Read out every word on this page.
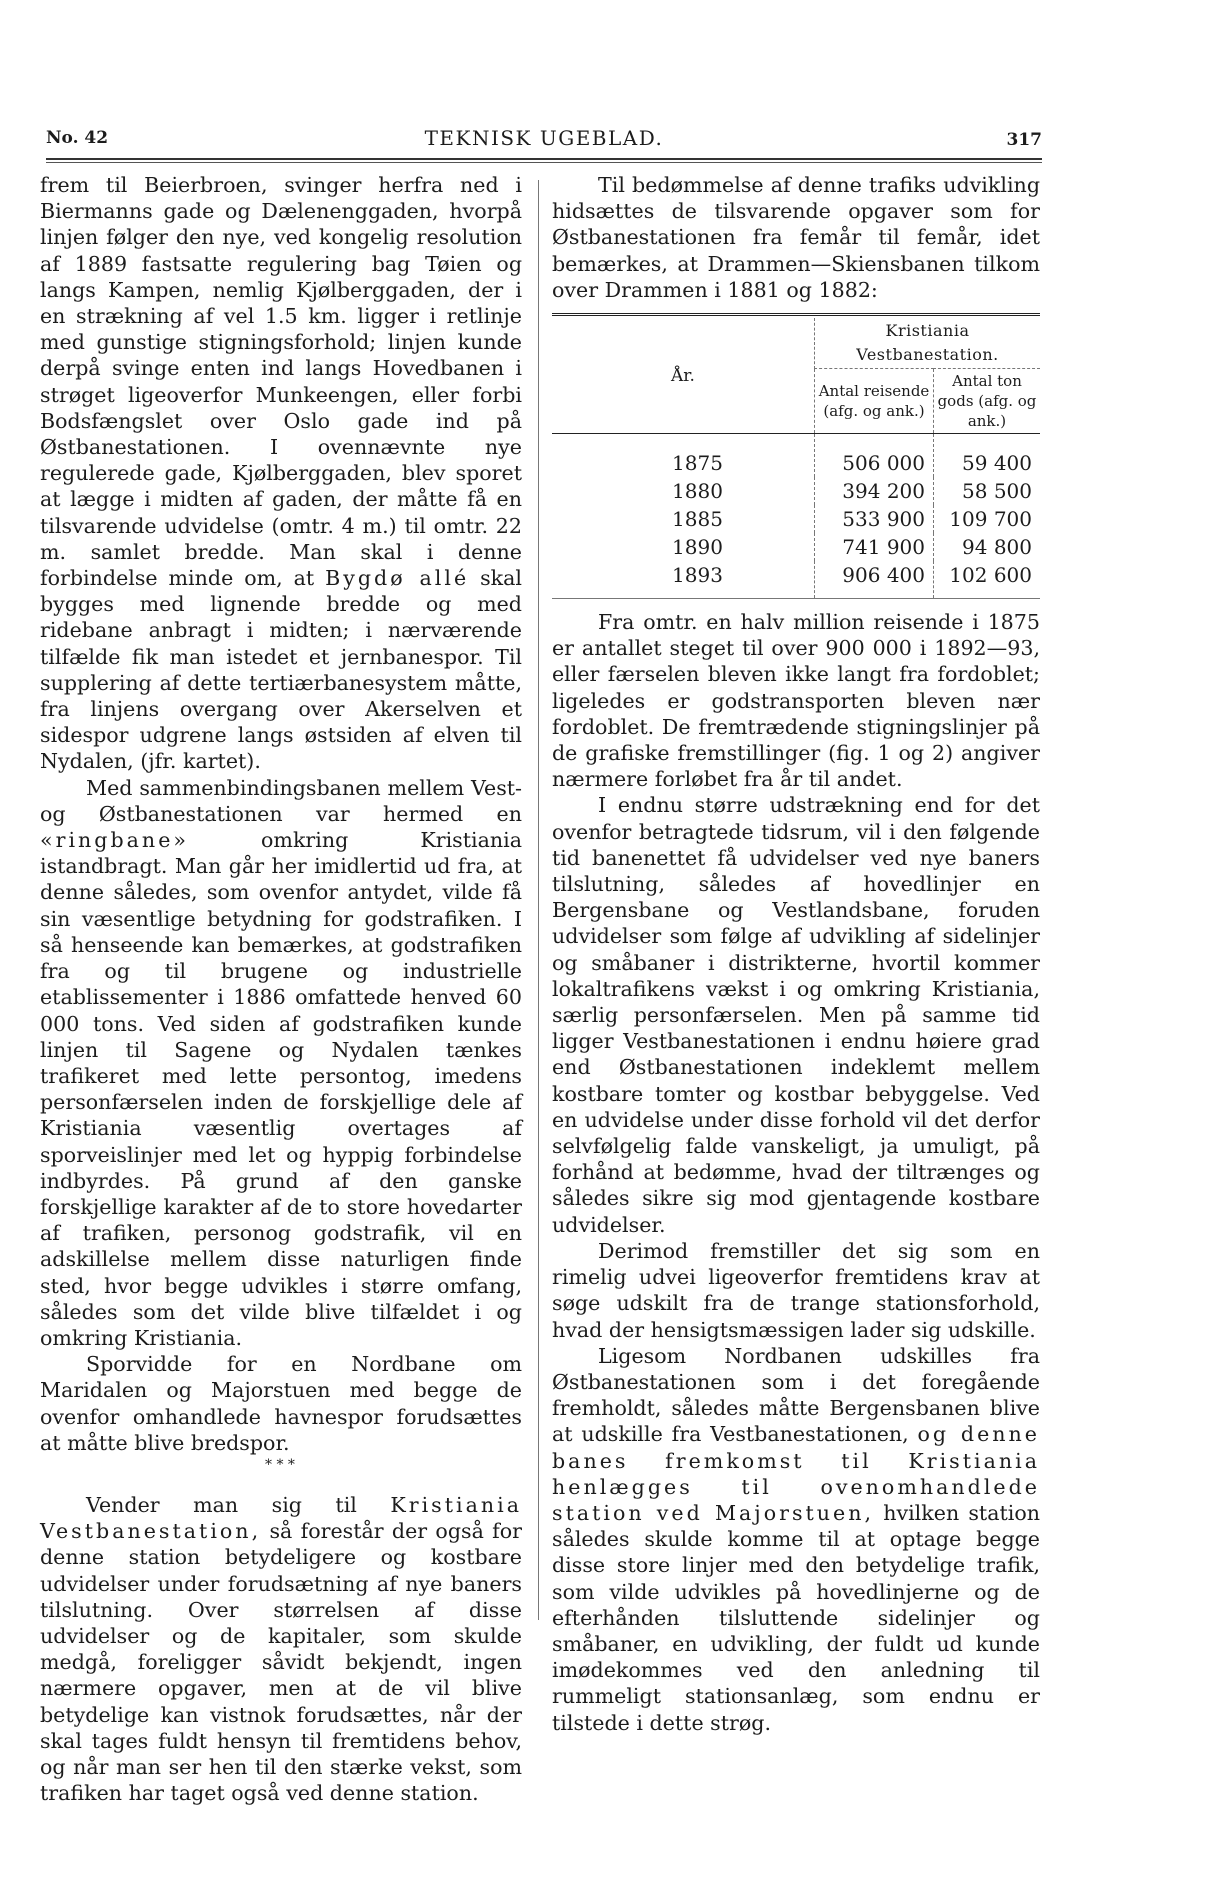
No. 42	TEKNISK UGEBLAD.	317

frem til Beierbroen, svinger herfra ned i Biermanns gade og Dælenenggaden, hvorpå linjen følger den nye, ved kongelig resolution af 1889 fastsatte regulering bag Tøien og langs Kampen, nemlig Kjølberggaden, der i en strækning af vel 1.5 km. ligger i retlinje med gunstige stigningsforhold; linjen kunde derpå svinge enten ind langs Hovedbanen i strøget ligeoverfor Munkeengen, eller forbi Bodsfængslet over Oslo gade ind på Østbanestationen. I ovennævnte nye regulerede gade, Kjølberggaden, blev sporet at lægge i midten af gaden, der måtte få en tilsvarende udvidelse (omtr. 4 m.) til omtr. 22 m. samlet bredde. Man skal i denne forbindelse minde om, at Bygdø allé skal bygges med lignende bredde og med ridebane anbragt i midten; i nærværende tilfælde fik man istedet et jernbanespor. Til supplering af dette tertiærbanesystem måtte, fra linjens overgang over Akerselven et sidespor udgrene langs østsiden af elven til Nydalen, (jfr. kartet).

Med sammenbindingsbanen mellem Vest- og Østbanestationen var hermed en «ringbane»	omkring Kristiania istandbragt. Man går her imidlertid ud fra, at denne således, som ovenfor antydet, vilde få sin væsentlige betydning for godstrafiken. I så henseende kan bemærkes, at godstrafiken fra og til brugene og industrielle etablissementer i 1886 omfattede henved 60 000 tons. Ved siden af godstrafiken kunde linjen til Sagene og Nydalen tænkes trafikeret med lette persontog, imedens personfærselen inden de forskjellige dele af Kristiania væsentlig overtages af sporveislinjer med let og hyppig forbindelse indbyrdes. På grund af den ganske forskjellige karakter af de to store hovedarter af trafiken, personog godstrafik, vil en adskillelse mellem disse naturligen finde sted, hvor begge udvikles i større omfang, således som det vilde blive tilfældet i og omkring Kristiania.

Sporvidde for en Nordbane om Maridalen og Majorstuen med begge de ovenfor omhandlede havnespor forudsættes at måtte blive bredspor.

* * *

Vender man sig til Kristiania Vestbanestation, så forestår der også for denne station betydeligere og kostbare udvidelser under forudsætning af nye baners tilslutning. Over størrelsen af disse udvidelser og de kapitaler, som skulde medgå, foreligger såvidt bekjendt, ingen nærmere opgaver, men at de vil blive betydelige kan vistnok forudsættes, når der skal tages fuldt hensyn til fremtidens behov, og når man ser hen til den stærke vekst, som trafiken har taget også ved denne station.

Til bedømmelse af denne trafiks udvikling hidsættes de tilsvarende opgaver som for Østbanestationen fra femår til femår, idet bemærkes, at Drammen—Skiensbanen tilkom over Drammen i 1881 og 1882:

År.	Kristiania Vestbanestation.	
	Antal reisende (afg. og ank.)	Antal ton gods (afg. og ank.)
1875	506 000	59 400
1880	394 200	58 500
1885	533 900	109 700
1890	741 900	94 800
1893	906 400	102 600

Fra omtr. en halv million reisende i 1875 er antallet steget til over 900 000 i 1892—93, eller færselen bleven ikke langt fra fordoblet; ligeledes er godstransporten bleven nær fordoblet. De fremtrædende stigningslinjer på de grafiske fremstillinger (fig. 1 og 2) angiver nærmere forløbet fra år til andet.

I endnu større udstrækning end for det ovenfor betragtede tidsrum, vil i den følgende tid banenettet få udvidelser ved nye baners tilslutning, således af hovedlinjer en Bergensbane og Vestlandsbane, foruden udvidelser som følge af udvikling af sidelinjer og småbaner i distrikterne, hvortil kommer lokaltrafikens vækst i og omkring Kristiania, særlig personfærselen. Men på samme tid ligger Vestbanestationen i endnu høiere grad end Østbanestationen indeklemt mellem kostbare tomter og kostbar bebyggelse. Ved en udvidelse under disse forhold vil det derfor selvfølgelig falde vanskeligt, ja umuligt, på forhånd at bedømme, hvad der tiltrænges og således sikre sig mod gjentagende kostbare udvidelser.

Derimod fremstiller det sig som en rimelig udvei ligeoverfor fremtidens krav at søge udskilt fra de trange stationsforhold, hvad der hensigtsmæssigen lader sig udskille.

Ligesom Nordbanen udskilles fra Østbanestationen som i det foregående fremholdt, således måtte Bergensbanen blive at udskille fra Vestbanestationen, og denne banes fremkomst til Kristiania henlægges til ovenomhandlede station ved Majorstuen, hvilken station således skulde komme til at optage begge disse store linjer med den betydelige trafik, som vilde udvikles på hovedlinjerne og de efterhånden tilsluttende sidelinjer og småbaner, en udvikling, der fuldt ud kunde imødekommes ved den anledning til rummeligt stationsanlæg, som endnu er tilstede i dette strøg.
